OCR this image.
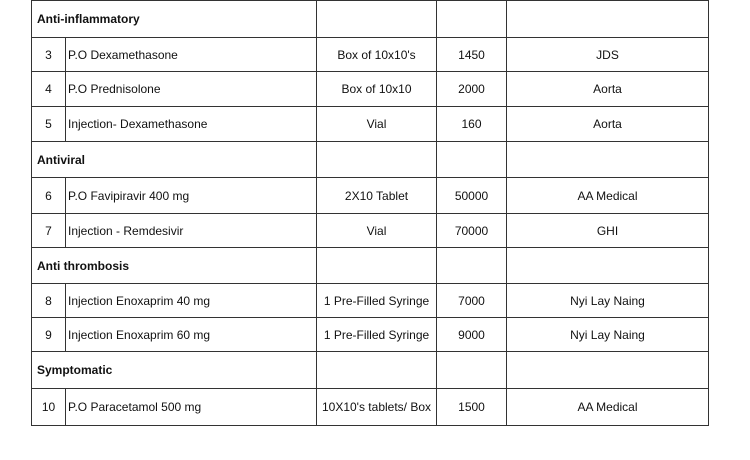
Anti-inflammatory				
3	P.O Dexamethasone	Box of 10x10's	1450	JDS
4	P.O Prednisolone	Box of 10x10	2000	Aorta
5	Injection- Dexamethasone	Vial	160	Aorta
Antiviral				
6	P.O Favipiravir 400 mg	2X10 Tablet	50000	AA Medical
7	Injection - Remdesivir	Vial	70000	GHI
Anti thrombosis				
8	Injection Enoxaprim 40 mg	1 Pre-Filled Syringe	7000	Nyi Lay Naing
9	Injection Enoxaprim 60 mg	1 Pre-Filled Syringe	9000	Nyi Lay Naing
Symptomatic				
10	P.O Paracetamol 500 mg	10X10's tablets/ Box	1500	AA Medical
